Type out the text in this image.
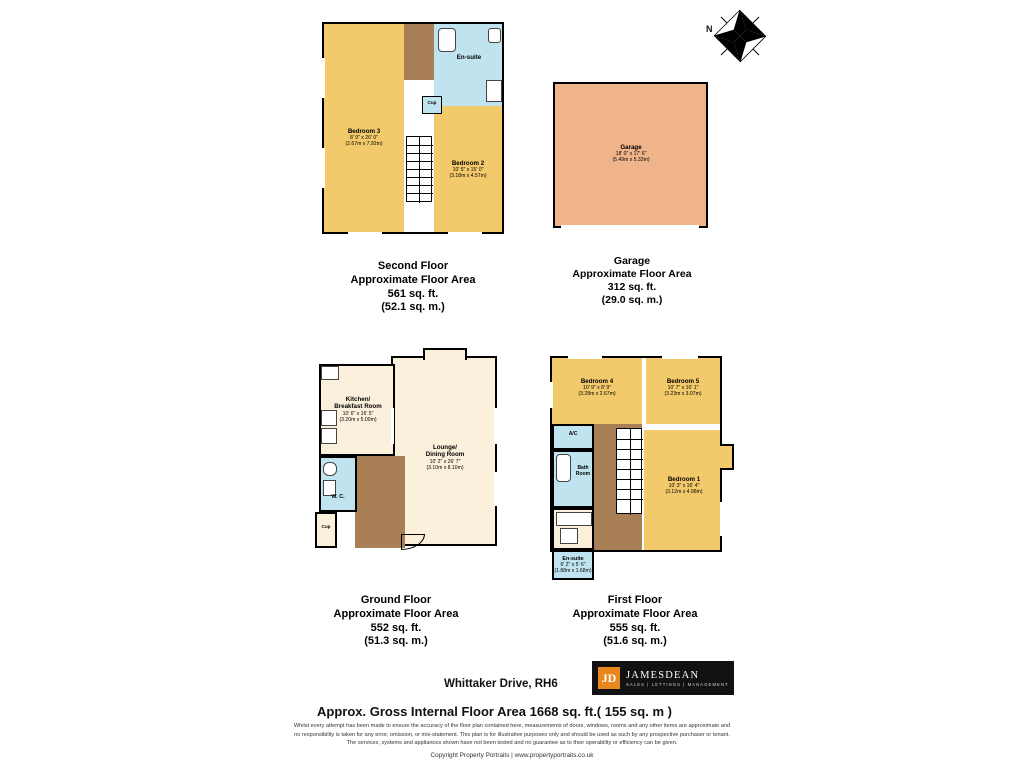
N
Bedroom 3
8' 9" x 26' 0"
(2.67m x 7.92m)
Bedroom 2
10' 5" x 15' 0"
(3.18m x 4.57m)
En-suite
Cup
Second Floor
Approximate Floor Area
561 sq. ft.
(52.1 sq. m.)
Garage
18' 0" x 17' 6"
(5.49m x 5.33m)
Garage
Approximate Floor Area
312 sq. ft.
(29.0 sq. m.)
Kitchen/
Breakfast Room
10' 6" x 16' 5"
(3.20m x 5.00m)
Lounge/
Dining Room
10' 2" x 26' 7"
(3.10m x 8.10m)
W. C.
Cup
Ground Floor
Approximate Floor Area
552 sq. ft.
(51.3 sq. m.)
Bedroom 4
10' 9" x 8' 9"
(3.28m x 2.67m)
Bedroom 5
10' 7" x 10' 1"
(3.23m x 3.07m)
Bedroom 1
10' 3" x 16' 4"
(3.12m x 4.98m)
Bath
Room
A/C
En-suite
6' 2" x 5' 6"
(1.88m x 1.68m)
First Floor
Approximate Floor Area
555 sq. ft.
(51.6 sq. m.)
Whittaker Drive, RH6	JD JAMESDEAN
SALES | LETTINGS | MANAGEMENT
Approx. Gross Internal Floor Area 1668 sq. ft.( 155 sq. m )
Whilst every attempt has been made to ensure the accuracy of the floor plan contained here, measurements of doors, windows, rooms and any other items are approximate and
no responsibility is taken for any error, omission, or mis-statement. This plan is for illustrative purposes only and should be used as such by any prospective purchaser or tenant.
The services, systems and appliances shown have not been tested and no guarantee as to their operability or efficiency can be given.
Copyright Property Portraits | www.propertyportraits.co.uk
